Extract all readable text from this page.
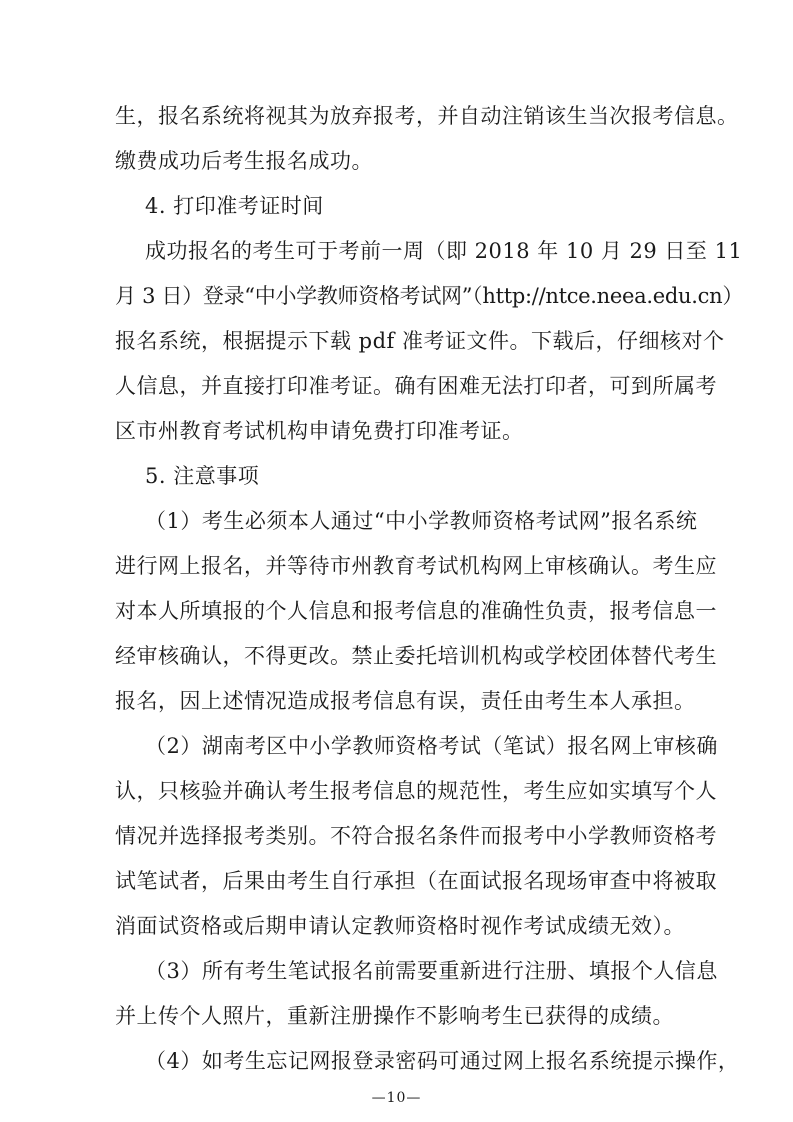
生，报名系统将视其为放弃报考，并自动注销该生当次报考信息。
缴费成功后考生报名成功。
4. 打印准考证时间
成功报名的考生可于考前一周（即 2018 年 10 月 29 日至 11
月 3 日）登录“中小学教师资格考试网”（http://ntce.neea.edu.cn）
报名系统，根据提示下载 pdf 准考证文件。下载后，仔细核对个
人信息，并直接打印准考证。确有困难无法打印者，可到所属考
区市州教育考试机构申请免费打印准考证。
5. 注意事项
（1）考生必须本人通过“中小学教师资格考试网”报名系统
进行网上报名，并等待市州教育考试机构网上审核确认。考生应
对本人所填报的个人信息和报考信息的准确性负责，报考信息一
经审核确认，不得更改。禁止委托培训机构或学校团体替代考生
报名，因上述情况造成报考信息有误，责任由考生本人承担。
（2）湖南考区中小学教师资格考试（笔试）报名网上审核确
认，只核验并确认考生报考信息的规范性，考生应如实填写个人
情况并选择报考类别。不符合报名条件而报考中小学教师资格考
试笔试者，后果由考生自行承担（在面试报名现场审查中将被取
消面试资格或后期申请认定教师资格时视作考试成绩无效）。
（3）所有考生笔试报名前需要重新进行注册、填报个人信息
并上传个人照片，重新注册操作不影响考生已获得的成绩。
（4）如考生忘记网报登录密码可通过网上报名系统提示操作，
—10—
